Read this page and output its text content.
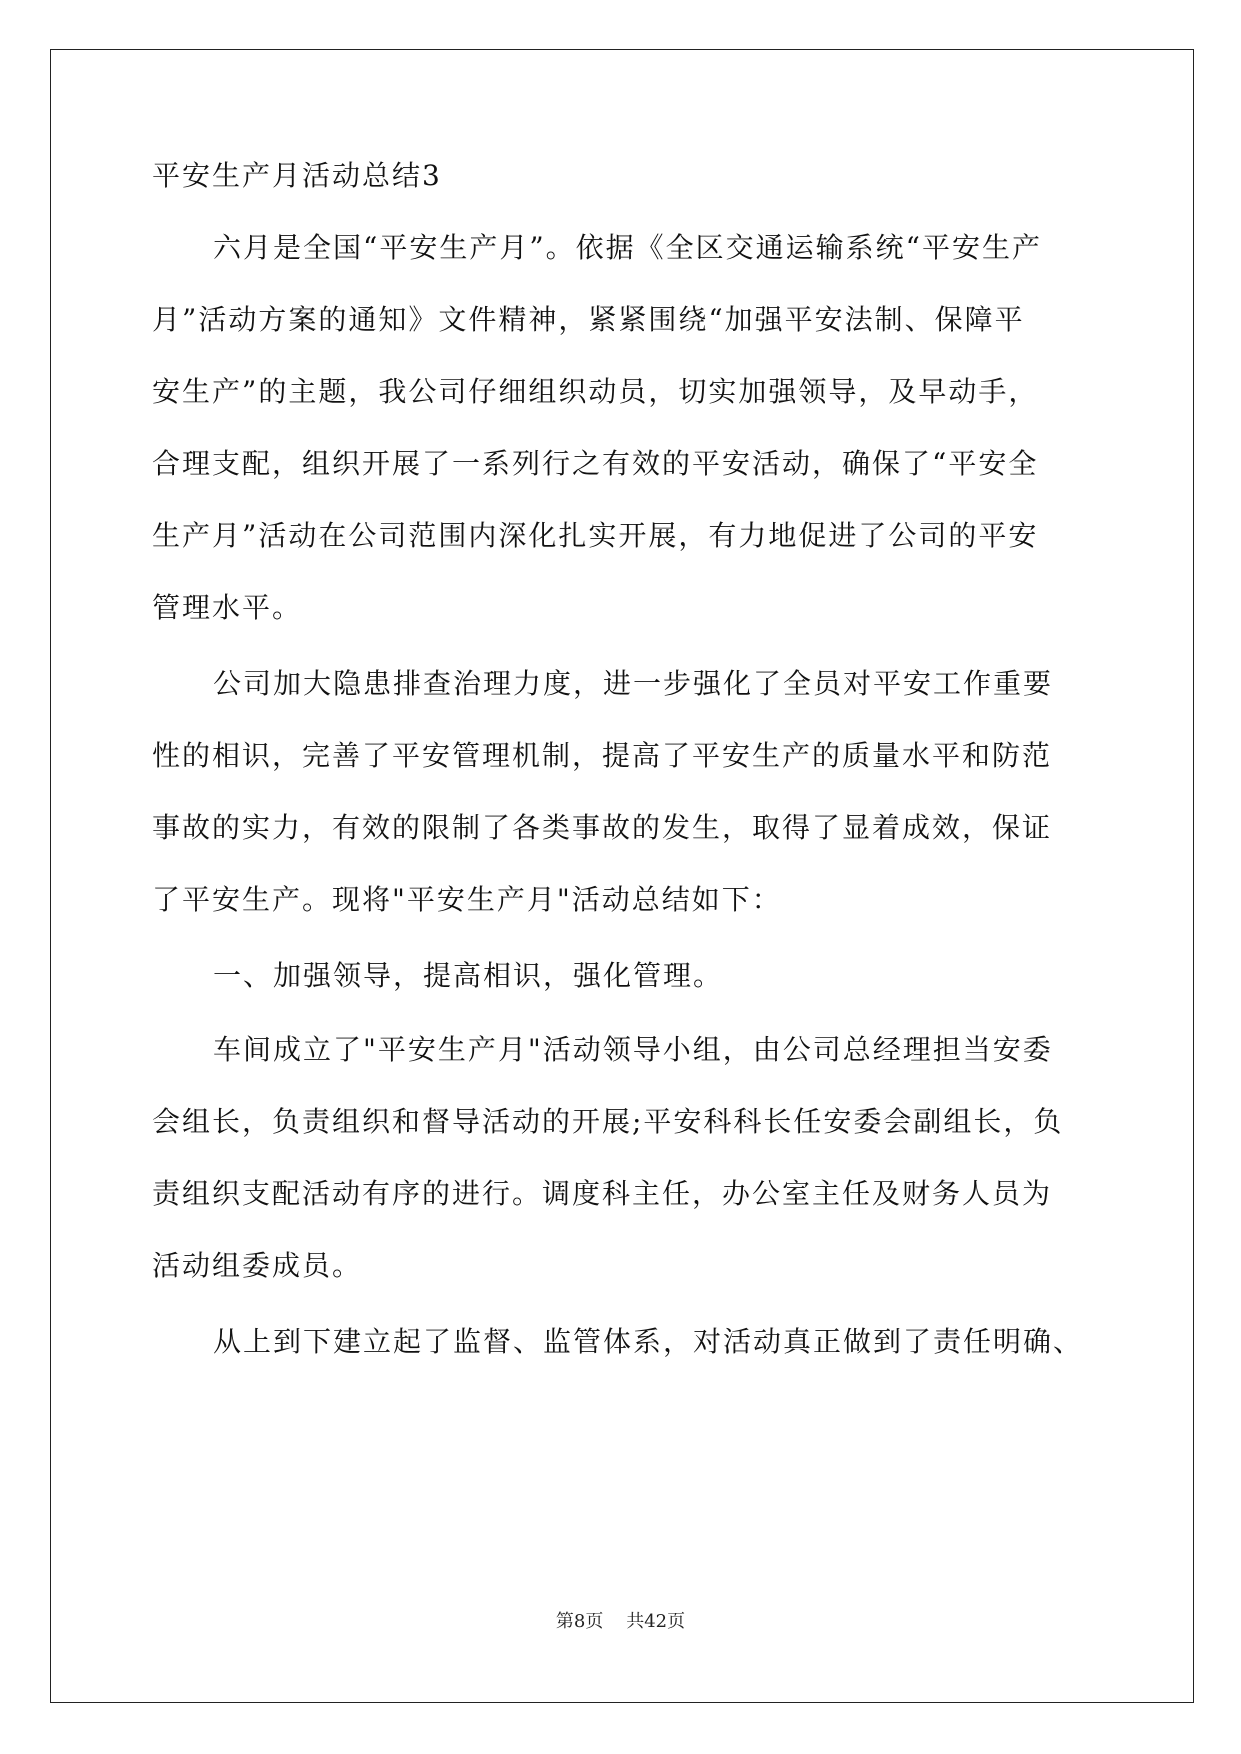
平安生产月活动总结3
六月是全国“平安生产月”。依据《全区交通运输系统“平安生产
月”活动方案的通知》文件精神，紧紧围绕“加强平安法制、保障平
安生产”的主题，我公司仔细组织动员，切实加强领导，及早动手，
合理支配，组织开展了一系列行之有效的平安活动，确保了“平安全
生产月”活动在公司范围内深化扎实开展，有力地促进了公司的平安
管理水平。
公司加大隐患排查治理力度，进一步强化了全员对平安工作重要
性的相识，完善了平安管理机制，提高了平安生产的质量水平和防范
事故的实力，有效的限制了各类事故的发生，取得了显着成效，保证
了平安生产。现将"平安生产月"活动总结如下：
一、加强领导，提高相识，强化管理。
车间成立了"平安生产月"活动领导小组，由公司总经理担当安委
会组长，负责组织和督导活动的开展;平安科科长任安委会副组长，负
责组织支配活动有序的进行。调度科主任，办公室主任及财务人员为
活动组委成员。
从上到下建立起了监督、监管体系，对活动真正做到了责任明确、
第8页 共42页
